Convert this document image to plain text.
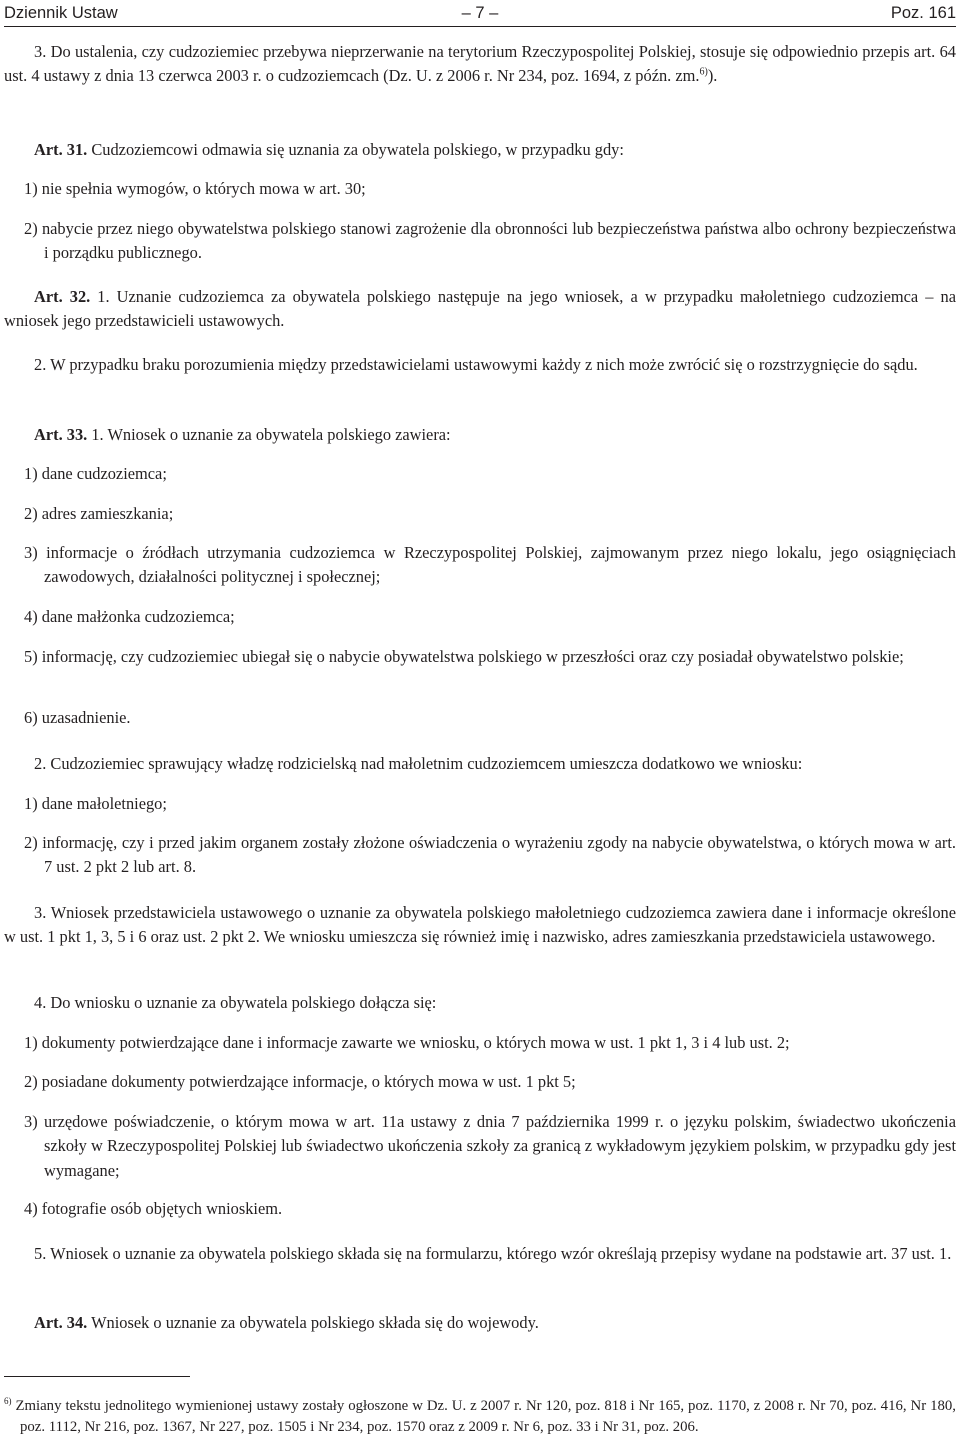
– 7 –
Dziennik Ustaw	Poz. 161

3. Do ustalenia, czy cudzoziemiec przebywa nieprzerwanie na terytorium Rzeczypospolitej Polskiej, stosuje się odpowiednio przepis art. 64 ust. 4 ustawy z dnia 13 czerwca 2003 r. o cudzoziemcach (Dz. U. z 2006 r. Nr 234, poz. 1694, z późn. zm.$^{6)}$).

Art. 31. Cudzoziemcowi odmawia się uznania za obywatela polskiego, w przypadku gdy:

1) nie spełnia wymogów, o których mowa w art. 30;

2) nabycie przez niego obywatelstwa polskiego stanowi zagrożenie dla obronności lub bezpieczeństwa państwa albo ochrony bezpieczeństwa i porządku publicznego.

Art. 32. 1. Uznanie cudzoziemca za obywatela polskiego następuje na jego wniosek, a w przypadku małoletniego cudzoziemca – na wniosek jego przedstawicieli ustawowych.

2. W przypadku braku porozumienia między przedstawicielami ustawowymi każdy z nich może zwrócić się o rozstrzygnięcie do sądu.

Art. 33. 1. Wniosek o uznanie za obywatela polskiego zawiera:

1) dane cudzoziemca;

2) adres zamieszkania;

3) informacje o źródłach utrzymania cudzoziemca w Rzeczypospolitej Polskiej, zajmowanym przez niego lokalu, jego osiągnięciach zawodowych, działalności politycznej i społecznej;

4) dane małżonka cudzoziemca;

5) informację, czy cudzoziemiec ubiegał się o nabycie obywatelstwa polskiego w przeszłości oraz czy posiadał obywatelstwo polskie;

6) uzasadnienie.

2. Cudzoziemiec sprawujący władzę rodzicielską nad małoletnim cudzoziemcem umieszcza dodatkowo we wniosku:

1) dane małoletniego;

2) informację, czy i przed jakim organem zostały złożone oświadczenia o wyrażeniu zgody na nabycie obywatelstwa, o których mowa w art. 7 ust. 2 pkt 2 lub art. 8.

3. Wniosek przedstawiciela ustawowego o uznanie za obywatela polskiego małoletniego cudzoziemca zawiera dane i informacje określone w ust. 1 pkt 1, 3, 5 i 6 oraz ust. 2 pkt 2. We wniosku umieszcza się również imię i nazwisko, adres zamieszkania przedstawiciela ustawowego.

4. Do wniosku o uznanie za obywatela polskiego dołącza się:

1) dokumenty potwierdzające dane i informacje zawarte we wniosku, o których mowa w ust. 1 pkt 1, 3 i 4 lub ust. 2;

2) posiadane dokumenty potwierdzające informacje, o których mowa w ust. 1 pkt 5;

3) urzędowe poświadczenie, o którym mowa w art. 11a ustawy z dnia 7 października 1999 r. o języku polskim, świadectwo ukończenia szkoły w Rzeczypospolitej Polskiej lub świadectwo ukończenia szkoły za granicą z wykładowym językiem polskim, w przypadku gdy jest wymagane;

4) fotografie osób objętych wnioskiem.

5. Wniosek o uznanie za obywatela polskiego składa się na formularzu, którego wzór określają przepisy wydane na podstawie art. 37 ust. 1.

Art. 34. Wniosek o uznanie za obywatela polskiego składa się do wojewody.

$^{6)}$ Zmiany tekstu jednolitego wymienionej ustawy zostały ogłoszone w Dz. U. z 2007 r. Nr 120, poz. 818 i Nr 165, poz. 1170, z 2008 r. Nr 70, poz. 416, Nr 180, poz. 1112, Nr 216, poz. 1367, Nr 227, poz. 1505 i Nr 234, poz. 1570 oraz z 2009 r. Nr 6, poz. 33 i Nr 31, poz. 206.
